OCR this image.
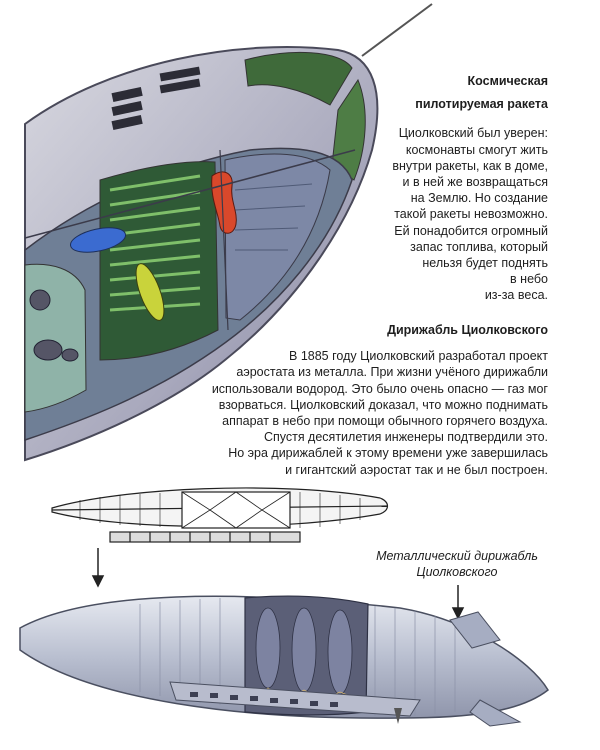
Космическая
пилотируемая ракета
Циолковский был уверен:
космонавты смогут жить
внутри ракеты, как в доме,
и в ней же возвращаться
на Землю. Но создание
такой ракеты невозможно.
Ей понадобится огромный
запас топлива, который
нельзя будет поднять
в небо
из-за веса.
Дирижабль Циолковского
В 1885 году Циолковский разработал проект
аэростата из металла. При жизни учёного дирижабли
использовали водород. Это было очень опасно — газ мог
взорваться. Циолковский доказал, что можно поднимать
аппарат в небо при помощи обычного горячего воздуха.
Спустя десятилетия инженеры подтвердили это.
Но эра дирижаблей к этому времени уже завершилась
и гигантский аэростат так и не был построен.
Металлический дирижабль
Циолковского
